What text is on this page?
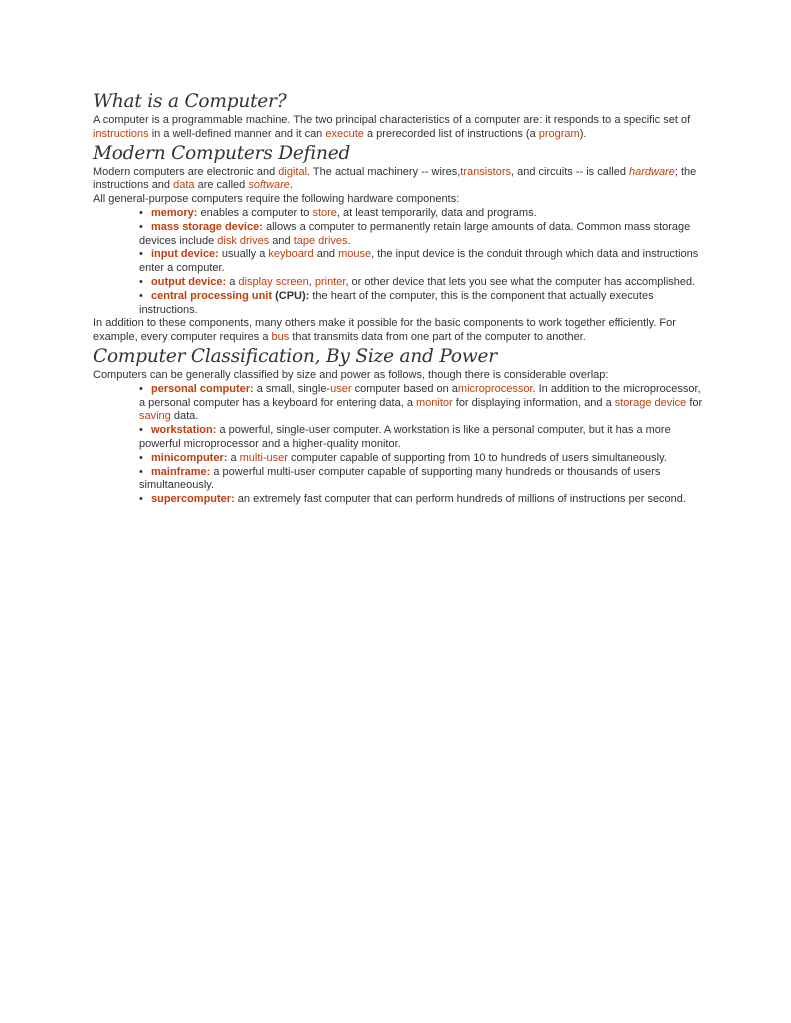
What is a Computer?

A computer is a programmable machine. The two principal characteristics of a computer are: it responds to a specific set of instructions in a well-defined manner and it can execute a prerecorded list of instructions (a program).

Modern Computers Defined

Modern computers are electronic and digital. The actual machinery -- wires,transistors, and circuits -- is called hardware; the instructions and data are called software.

All general-purpose computers require the following hardware components:

• memory: enables a computer to store, at least temporarily, data and programs.
• mass storage device: allows a computer to permanently retain large amounts of data. Common mass storage devices include disk drives and tape drives.
• input device: usually a keyboard and mouse, the input device is the conduit through which data and instructions enter a computer.
• output device: a display screen, printer, or other device that lets you see what the computer has accomplished.
• central processing unit (CPU): the heart of the computer, this is the component that actually executes instructions.

In addition to these components, many others make it possible for the basic components to work together efficiently. For example, every computer requires a bus that transmits data from one part of the computer to another.

Computer Classification, By Size and Power

Computers can be generally classified by size and power as follows, though there is considerable overlap:

• personal computer: a small, single-user computer based on amicroprocessor. In addition to the microprocessor, a personal computer has a keyboard for entering data, a monitor for displaying information, and a storage device for saving data.
• workstation: a powerful, single-user computer. A workstation is like a personal computer, but it has a more powerful microprocessor and a higher-quality monitor.
• minicomputer: a multi-user computer capable of supporting from 10 to hundreds of users simultaneously.
• mainframe: a powerful multi-user computer capable of supporting many hundreds or thousands of users simultaneously.
• supercomputer: an extremely fast computer that can perform hundreds of millions of instructions per second.
